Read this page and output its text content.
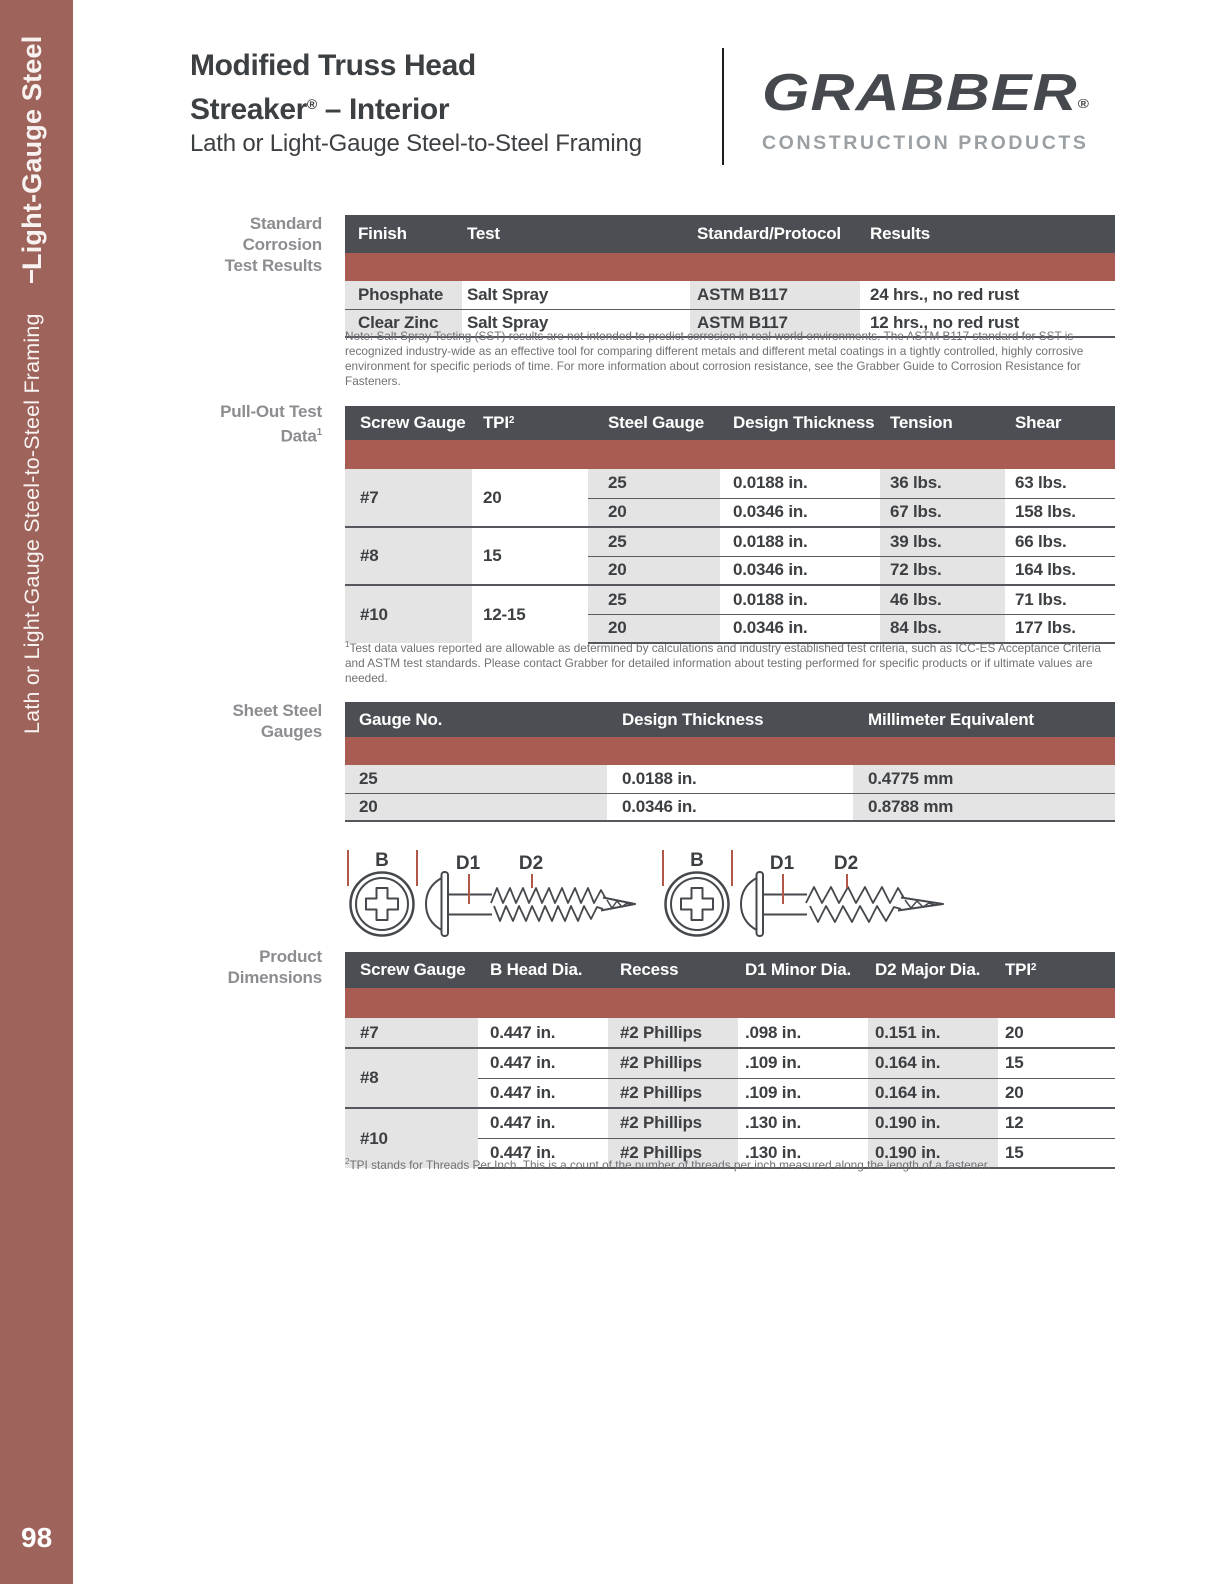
Lath or Light-Gauge Steel-to-Steel Framing
Light-Gauge Steel
98
Modified Truss Head
Streaker® – Interior
Lath or Light-Gauge Steel-to-Steel Framing
GRABBER®
CONSTRUCTION PRODUCTS
Standard
Corrosion
Test Results
Pull-Out Test
Data$^1$
Sheet Steel
Gauges
Product
Dimensions
Finish	Test	Standard/Protocol	Results

Phosphate	Salt Spray	ASTM B117	24 hrs., no red rust
Clear Zinc	Salt Spray	ASTM B117	12 hrs., no red rust
Note: Salt Spray Testing (SST) results are not intended to predict corrosion in real-world environments. The ASTM B117 standard for SST is recognized industry-wide as an effective tool for comparing different metals and different metal coatings in a tightly controlled, highly corrosive environment for specific periods of time. For more information about corrosion resistance, see the Grabber Guide to Corrosion Resistance for Fasteners.
Screw Gauge	TPI$^2$	Steel Gauge	Design Thickness	Tension	Shear

#7	20	25	0.0188 in.	36 lbs.	63 lbs.
		20	0.0346 in.	67 lbs.	158 lbs.
#8	15	25	0.0188 in.	39 lbs.	66 lbs.
		20	0.0346 in.	72 lbs.	164 lbs.
#10	12-15	25	0.0188 in.	46 lbs.	71 lbs.
		20	0.0346 in.	84 lbs.	177 lbs.
$^1$Test data values reported are allowable as determined by calculations and industry established test criteria, such as ICC-ES Acceptance Criteria and ASTM test standards. Please contact Grabber for detailed information about testing performed for specific products or if ultimate values are needed.
Gauge No.	Design Thickness	Millimeter Equivalent

25	0.0188 in.	0.4775 mm
20	0.0346 in.	0.8788 mm
B	D1 D2	B	D1 D2
Screw Gauge	B Head Dia.	Recess	D1 Minor Dia.	D2 Major Dia.	TPI$^2$

#7	0.447 in.	#2 Phillips	.098 in.	0.151 in.	20
#8	0.447 in.	#2 Phillips	.109 in.	0.164 in.	15
	0.447 in.	#2 Phillips	.109 in.	0.164 in.	20
#10	0.447 in.	#2 Phillips	.130 in.	0.190 in.	12
	0.447 in.	#2 Phillips	.130 in.	0.190 in.	15
$^2$TPI stands for Threads Per Inch. This is a count of the number of threads per inch measured along the length of a fastener.
